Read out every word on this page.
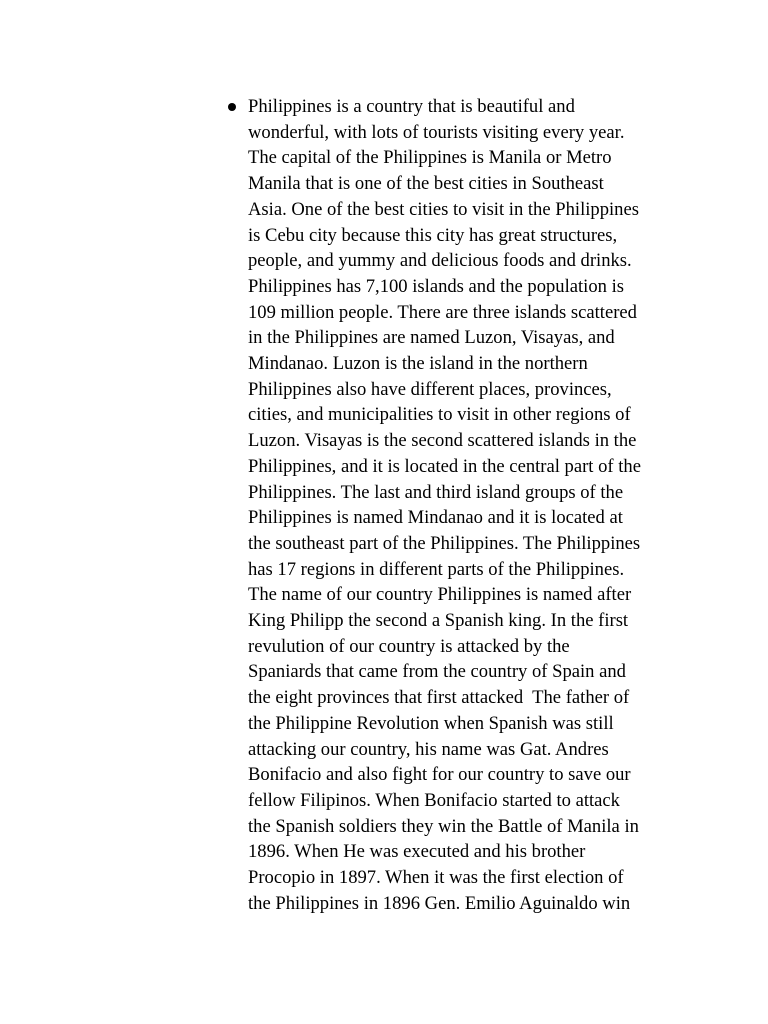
Philippines is a country that is beautiful and
wonderful, with lots of tourists visiting every year.
The capital of the Philippines is Manila or Metro
Manila that is one of the best cities in Southeast
Asia. One of the best cities to visit in the Philippines
is Cebu city because this city has great structures,
people, and yummy and delicious foods and drinks.
Philippines has 7,100 islands and the population is
109 million people. There are three islands scattered
in the Philippines are named Luzon, Visayas, and
Mindanao. Luzon is the island in the northern
Philippines also have different places, provinces,
cities, and municipalities to visit in other regions of
Luzon. Visayas is the second scattered islands in the
Philippines, and it is located in the central part of the
Philippines. The last and third island groups of the
Philippines is named Mindanao and it is located at
the southeast part of the Philippines. The Philippines
has 17 regions in different parts of the Philippines.
The name of our country Philippines is named after
King Philipp the second a Spanish king. In the first
revulution of our country is attacked by the
Spaniards that came from the country of Spain and
the eight provinces that first attacked  The father of
the Philippine Revolution when Spanish was still
attacking our country, his name was Gat. Andres
Bonifacio and also fight for our country to save our
fellow Filipinos. When Bonifacio started to attack
the Spanish soldiers they win the Battle of Manila in
1896. When He was executed and his brother
Procopio in 1897. When it was the first election of
the Philippines in 1896 Gen. Emilio Aguinaldo win
